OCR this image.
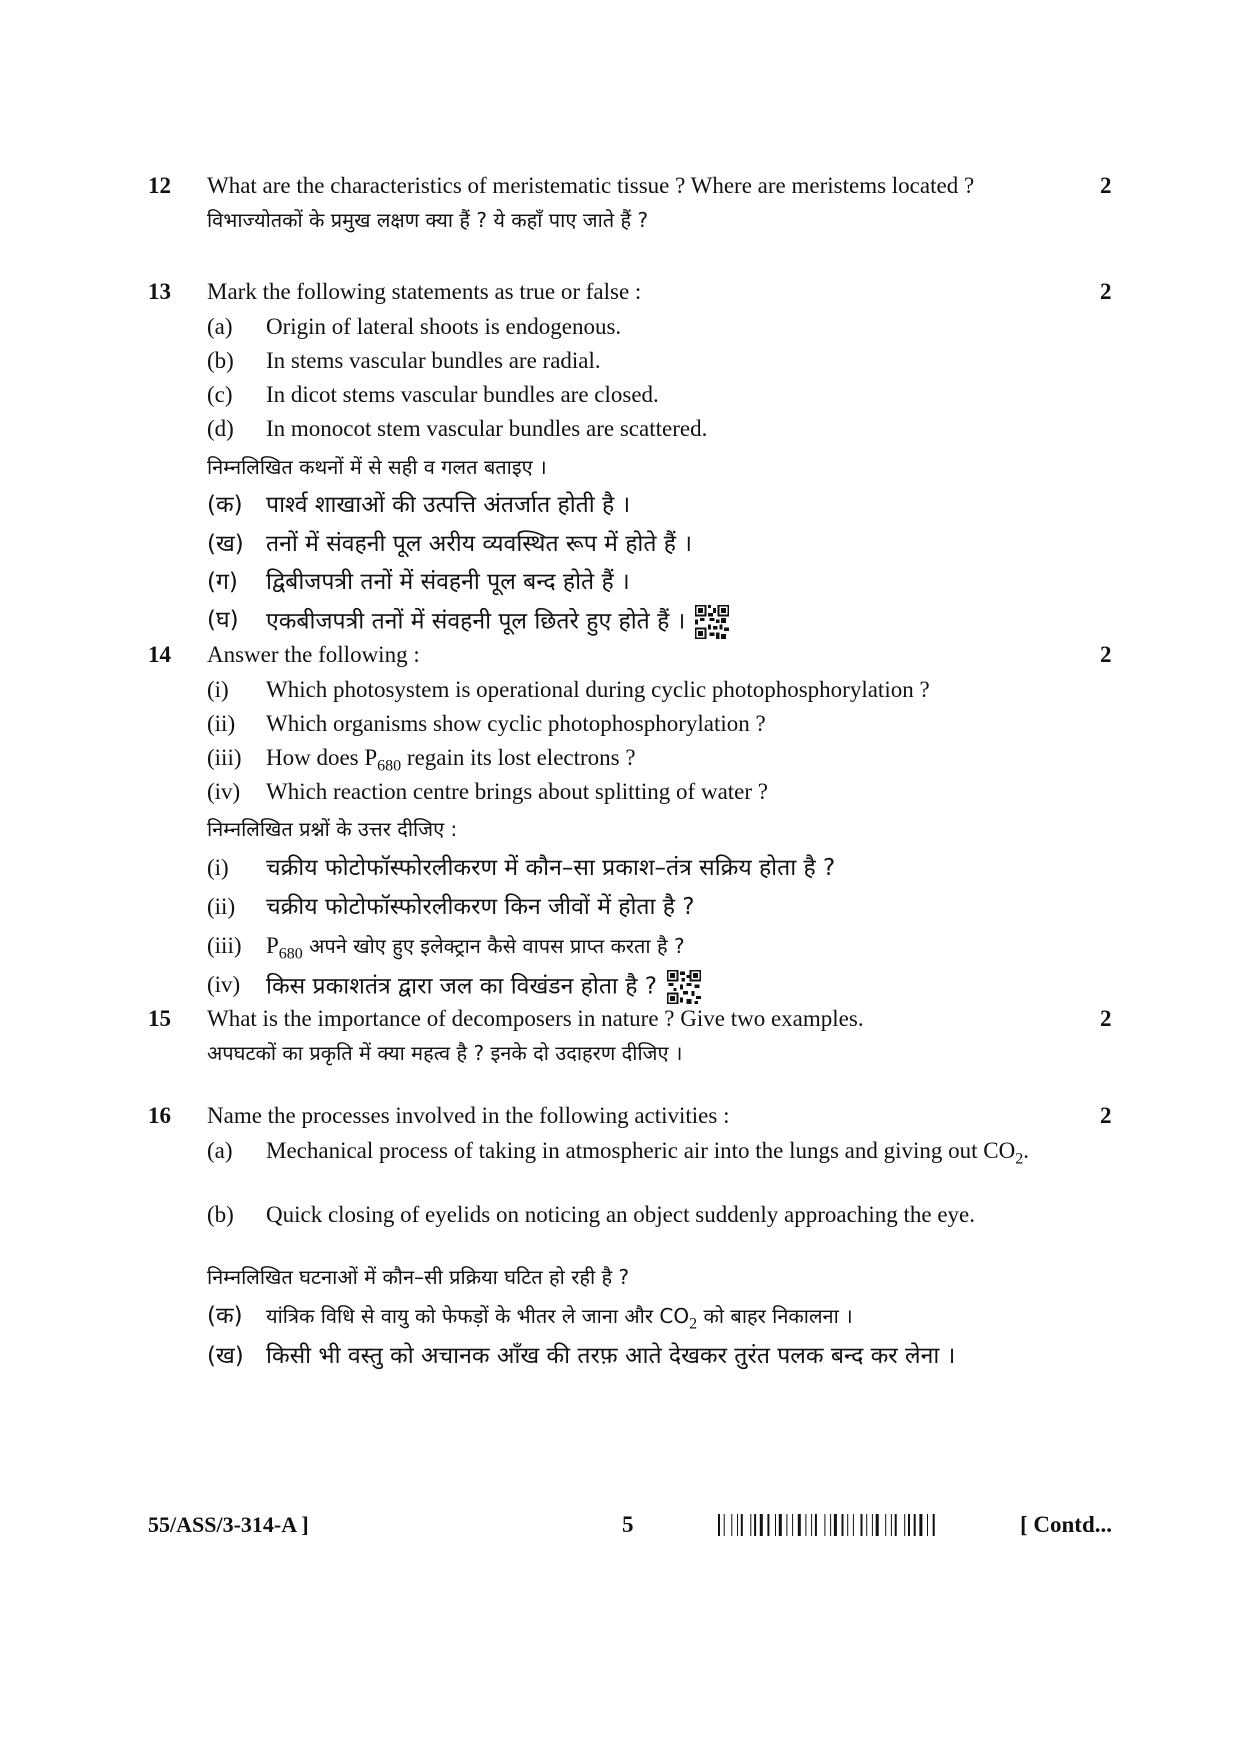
12 What are the characteristics of meristematic tissue ? Where are meristems located ?
विभाज्योतकों के प्रमुख लक्षण क्या हैं ? ये कहाँ पाए जाते हैं ?
2
13 Mark the following statements as true or false :	2
(a) Origin of lateral shoots is endogenous.
(b) In stems vascular bundles are radial.
(c) In dicot stems vascular bundles are closed.
(d) In monocot stem vascular bundles are scattered.
निम्नलिखित कथनों में से सही व गलत बताइए ।
(क) पार्श्व शाखाओं की उत्पत्ति अंतर्जात होती है ।
(ख) तनों में संवहनी पूल अरीय व्यवस्थित रूप में होते हैं ।
(ग) द्विबीजपत्री तनों में संवहनी पूल बन्द होते हैं ।
(घ) एकबीजपत्री तनों में संवहनी पूल छितरे हुए होते हैं ।
14 Answer the following :	2
(i) Which photosystem is operational during cyclic photophosphorylation ?
(ii) Which organisms show cyclic photophosphorylation ?
(iii) How does $P_{680}$ regain its lost electrons ?
(iv) Which reaction centre brings about splitting of water ?
निम्नलिखित प्रश्नों के उत्तर दीजिए :
(i) चक्रीय फोटोफॉस्फोरलीकरण में कौन–सा प्रकाश–तंत्र सक्रिय होता है ?
(ii) चक्रीय फोटोफॉस्फोरलीकरण किन जीवों में होता है ?
(iii) $P_{680}$ अपने खोए हुए इलेक्ट्रान कैसे वापस प्राप्त करता है ?
(iv) किस प्रकाशतंत्र द्वारा जल का विखंडन होता है ?
15 What is the importance of decomposers in nature ? Give two examples.
अपघटकों का प्रकृति में क्या महत्व है ? इनके दो उदाहरण दीजिए ।
2
16 Name the processes involved in the following activities :	2
(a) Mechanical process of taking in atmospheric air into the lungs and giving out $CO_2$.
(b) Quick closing of eyelids on noticing an object suddenly approaching the eye.
निम्नलिखित घटनाओं में कौन–सी प्रक्रिया घटित हो रही है ?
(क) यांत्रिक विधि से वायु को फेफड़ों के भीतर ले जाना और $CO_2$ को बाहर निकालना ।
(ख) किसी भी वस्तु को अचानक आँख की तरफ़ आते देखकर तुरंत पलक बन्द कर लेना ।
55/ASS/3-314-A ]	5	[ Contd...
